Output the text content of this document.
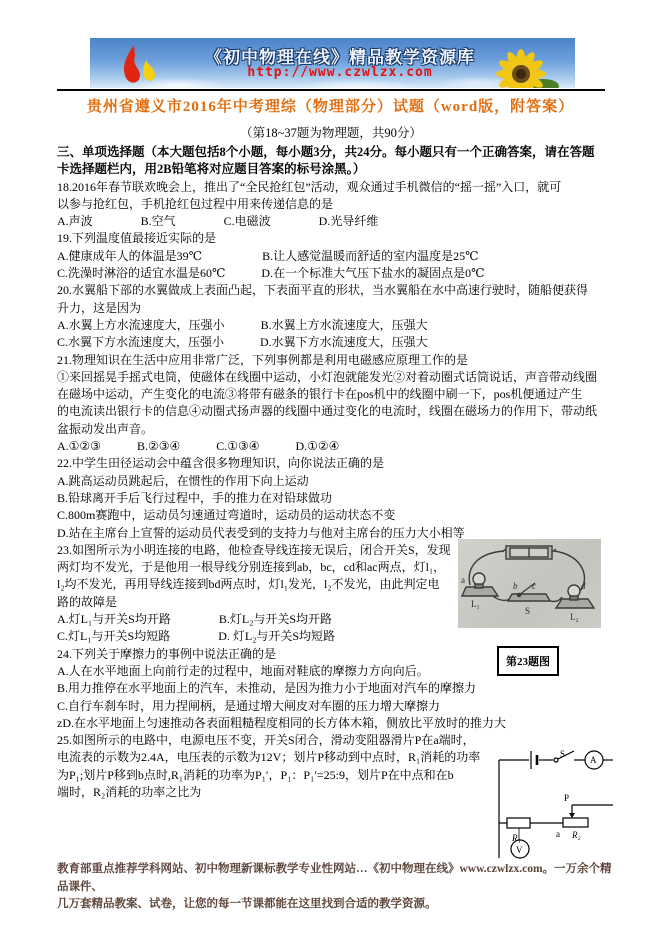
《初中物理在线》精品教学资源库
http://www.czwlzx.com
贵州省遵义市2016年中考理综（物理部分）试题（word版，附答案）
（第18~37题为物理题，共90分）
三、单项选择题（本大题包括8个小题，每小题3分，共24分。每小题只有一个正确答案，请在答题
卡选择题栏内，用2B铅笔将对应题目答案的标号涂黑。）
18.2016年春节联欢晚会上，推出了“全民抢红包”活动，观众通过手机微信的“摇一摇”入口，就可
以参与抢红包，手机抢红包过程中用来传递信息的是
A.声波　　　　B.空气　　　　C.电磁波　　　　D.光导纤维
19.下列温度值最接近实际的是
A.健康成年人的体温是39℃　　　　　B.让人感觉温暖而舒适的室内温度是25℃
C.洗澡时淋浴的适宜水温是60℃　　　D.在一个标准大气压下盐水的凝固点是0℃
20.水翼船下部的水翼做成上表面凸起，下表面平直的形状，当水翼船在水中高速行驶时，随船便获得
升力，这是因为
A.水翼上方水流速度大，压强小　　　B.水翼上方水流速度大，压强大
C.水翼下方水流速度大，压强小　　　D.水翼下方水流速度大，压强大
21.物理知识在生活中应用非常广泛，下列事例都是利用电磁感应原理工作的是
①来回摇晃手摇式电筒，使磁体在线圈中运动，小灯泡就能发光②对着动圈式话筒说话，声音带动线圈
在磁场中运动，产生变化的电流③将带有磁条的银行卡在pos机中的线圈中刷一下，pos机便通过产生
的电流读出银行卡的信息④动圈式扬声器的线圈中通过变化的电流时，线圈在磁场力的作用下，带动纸
盆振动发出声音。
A.①②③　　　B.②③④　　　C.①③④　　　D.①②④
22.中学生田径运动会中蕴含很多物理知识，向你说法正确的是
A.跳高运动员跳起后，在惯性的作用下向上运动
B.铅球离开手后飞行过程中，手的推力在对铅球做功
C.800m赛跑中，运动员匀速通过弯道时，运动员的运动状态不变
D.站在主席台上宣誓的运动员代表受到的支持力与他对主席台的压力大小相等
23.如图所示为小明连接的电路，他检查导线连接无误后，闭合开关S，发现
两灯均不发光，于是他用一根导线分别连接到ab，bc，cd和ac两点，灯l₁，
l₂均不发光，再用导线连接到bd两点时，灯l₁发光，l₂不发光，由此判定电
路的故障是
A.灯L₁与开关S均开路　　　　B.灯L₂与开关S均开路
C.灯L₁与开关S均短路　　　　D. 灯L₂与开关S均短路
24.下列关于摩擦力的事例中说法正确的是
A.人在水平地面上向前行走的过程中，地面对鞋底的摩擦力方向向后。
B.用力推停在水平地面上的汽车，未推动，是因为推力小于地面对汽车的摩擦力
C.自行车刹车时，用力捏闸柄，是通过增大闸皮对车圈的压力增大摩擦力
zD.在水平地面上匀速推动各表面粗糙程度相同的长方体木箱，侧放比平放时的推力大
25.如图所示的电路中，电源电压不变，开关S闭合，滑动变阻器滑片P在a端时，
电流表的示数为2.4A，电压表的示数为12V；划片P移动到中点时，R₁消耗的功率
为P₁;划片P移到b点时,R₁消耗的功率为P₁′，P₁：P₁′=25:9，划片P在中点和在b
端时，R₂消耗的功率之比为
a
L₁
b c	d
S
L₂
第23题图
S
A
P
a
R₁	R₂
V
教育部重点推荐学科网站、初中物理新课标教学专业性网站…《初中物理在线》www.czwlzx.com。一万余个精品课件、
几万套精品教案、试卷，让您的每一节课都能在这里找到合适的教学资源。
